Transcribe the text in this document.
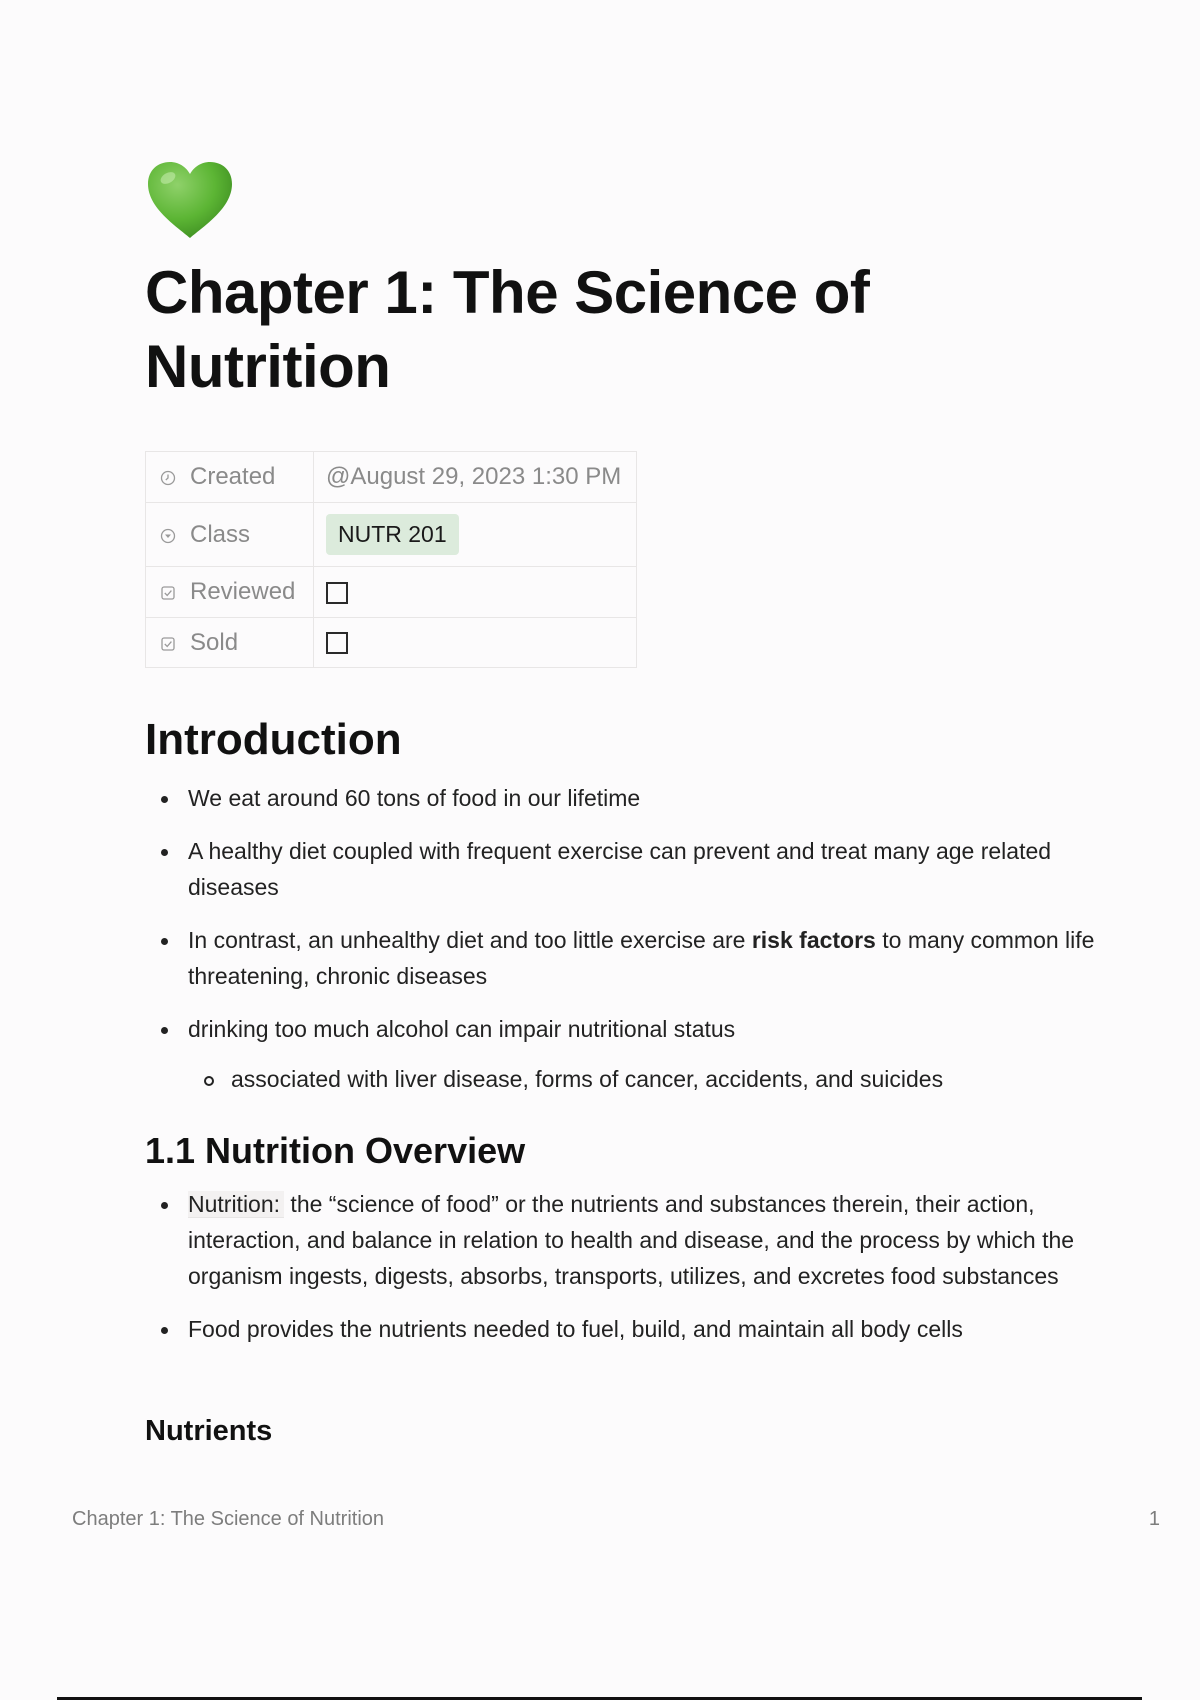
Chapter 1: The Science of Nutrition
Created	@August 29, 2023 1:30 PM
Class	NUTR 201
Reviewed	
Sold	
Introduction
We eat around 60 tons of food in our lifetime
A healthy diet coupled with frequent exercise can prevent and treat many age related diseases
In contrast, an unhealthy diet and too little exercise are risk factors to many common life threatening, chronic diseases
drinking too much alcohol can impair nutritional status
associated with liver disease, forms of cancer, accidents, and suicides
1.1 Nutrition Overview
Nutrition: the “science of food” or the nutrients and substances therein, their action, interaction, and balance in relation to health and disease, and the process by which the organism ingests, digests, absorbs, transports, utilizes, and excretes food substances
Food provides the nutrients needed to fuel, build, and maintain all body cells
Nutrients
Chapter 1: The Science of Nutrition	1
